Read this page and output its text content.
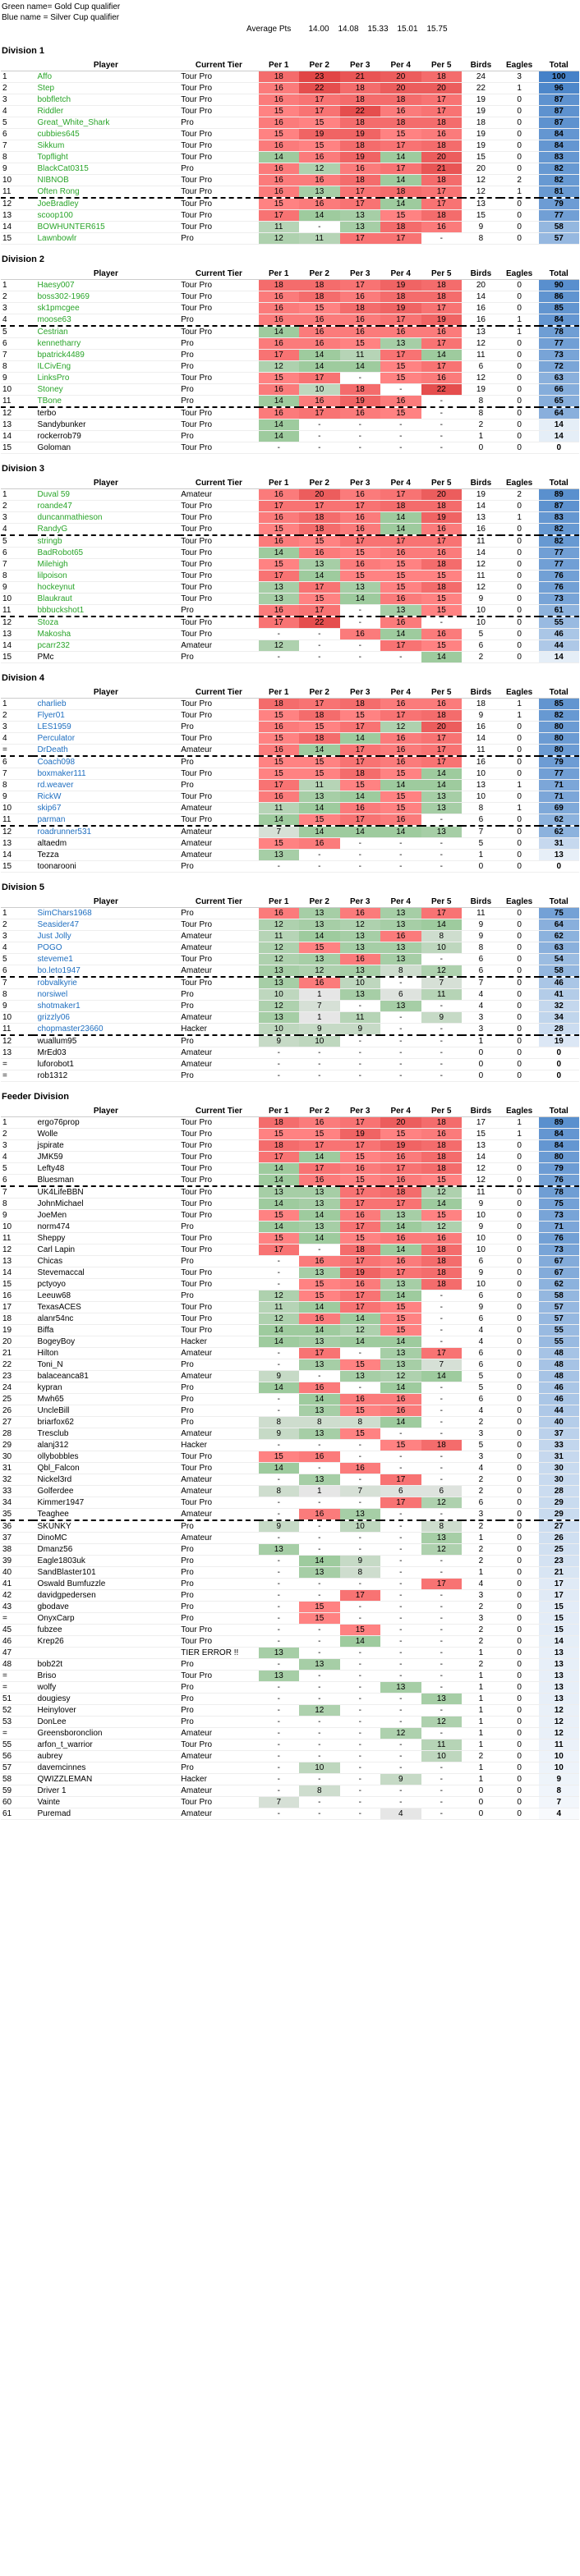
Green name= Gold Cup qualifier
Blue name = Silver Cup qualifier
Average Pts	14.00	14.08	15.33	15.01	15.75
Division 1
	Player	Current Tier	Per 1	Per 2	Per 3	Per 4	Per 5	Birds	Eagles	Total
1	Affo	Tour Pro	18	23	21	20	18	24	3	100
2	Step	Tour Pro	16	22	18	20	20	22	1	96
3	bobfletch	Tour Pro	16	17	18	18	17	19	0	87
4	Riddler	Tour Pro	15	17	22	16	17	19	0	87
5	Great_White_Shark	Pro	16	15	18	18	18	18	0	87
6	cubbies645	Tour Pro	15	19	19	15	16	19	0	84
7	Sikkum	Tour Pro	16	15	18	17	18	19	0	84
8	Topflight	Tour Pro	14	16	19	14	20	15	0	83
9	BlackCat0315	Pro	16	12	16	17	21	20	0	82
10	NIBNOB	Tour Pro	16	16	18	14	18	12	2	82
11	Often Rong	Tour Pro	16	13	17	18	17	12	1	81
12	JoeBradley	Tour Pro	15	16	17	14	17	13	0	79
13	scoop100	Tour Pro	17	14	13	15	18	15	0	77
14	BOWHUNTER615	Tour Pro	11	-	13	18	16	9	0	58
15	Lawnbowlr	Pro	12	11	17	17	-	8	0	57
Division 2
	Player	Current Tier	Per 1	Per 2	Per 3	Per 4	Per 5	Birds	Eagles	Total
1	Haesy007	Tour Pro	18	18	17	19	18	20	0	90
2	boss302-1969	Tour Pro	16	18	16	18	18	14	0	86
3	sk1pmcgee	Tour Pro	16	15	18	19	17	16	0	85
4	moose63	Pro	16	16	16	17	19	16	1	84
5	Cestrian	Tour Pro	14	16	16	16	16	13	1	78
6	kennetharry	Pro	16	16	15	13	17	12	0	77
7	bpatrick4489	Pro	17	14	11	17	14	11	0	73
8	ILCivEng	Pro	12	14	14	15	17	6	0	72
9	LinksPro	Tour Pro	15	17	-	15	16	12	0	63
10	Stoney	Pro	16	10	18	-	22	19	0	66
11	TBone	Pro	14	16	19	16	-	8	0	65
12	terbo	Tour Pro	16	17	16	15	-	8	0	64
13	Sandybunker	Tour Pro	14	-	-	-	-	2	0	14
14	rockerrob79	Pro	14	-	-	-	-	1	0	14
15	Goloman	Tour Pro	-	-	-	-	-	0	0	0
Division 3
	Player	Current Tier	Per 1	Per 2	Per 3	Per 4	Per 5	Birds	Eagles	Total
1	Duval 59	Amateur	16	20	16	17	20	19	2	89
2	roande47	Tour Pro	17	17	17	18	18	14	0	87
3	duncanmathieson	Tour Pro	16	18	16	14	19	13	1	83
4	RandyG	Tour Pro	15	18	16	14	16	16	0	82
5	stringb	Tour Pro	16	15	17	17	17	11	0	82
6	BadRobot65	Tour Pro	14	16	15	16	16	14	0	77
7	Milehigh	Tour Pro	15	13	16	15	18	12	0	77
8	lilpoison	Tour Pro	17	14	15	15	15	11	0	76
9	hockeynut	Tour Pro	13	17	13	15	18	12	0	76
10	Blaukraut	Tour Pro	13	15	14	16	15	9	0	73
11	bbbuckshot1	Pro	16	17	-	13	15	10	0	61
12	Stoza	Tour Pro	17	22	-	16	-	10	0	55
13	Makosha	Tour Pro	-	-	16	14	16	5	0	46
14	pcarr232	Amateur	12	-	-	17	15	6	0	44
15	PMc	Pro	-	-	-	-	14	2	0	14
Division 4
	Player	Current Tier	Per 1	Per 2	Per 3	Per 4	Per 5	Birds	Eagles	Total
1	charlieb	Tour Pro	18	17	18	16	16	18	1	85
2	Flyer01	Tour Pro	15	18	15	17	18	9	1	82
3	LES1959	Pro	16	15	17	12	20	16	0	80
4	Perculator	Tour Pro	15	18	14	16	17	14	0	80
=	DrDeath	Amateur	16	14	17	16	17	11	0	80
6	Coach098	Pro	15	15	17	16	17	16	0	79
7	boxmaker111	Tour Pro	15	15	18	15	14	10	0	77
8	rd.weaver	Pro	17	11	15	14	14	13	1	71
9	RickW	Tour Pro	16	13	14	15	13	10	0	71
10	skip67	Amateur	11	14	16	15	13	8	1	69
11	parman	Tour Pro	14	15	17	16	-	6	0	62
12	roadrunner531	Amateur	7	14	14	14	13	7	0	62
13	altaedm	Amateur	15	16	-	-	-	5	0	31
14	Tezza	Amateur	13	-	-	-	-	1	0	13
15	toonarooni	Pro	-	-	-	-	-	0	0	0
Division 5
	Player	Current Tier	Per 1	Per 2	Per 3	Per 4	Per 5	Birds	Eagles	Total
1	SimChars1968	Pro	16	13	16	13	17	11	0	75
2	Seasider47	Tour Pro	12	13	12	13	14	9	0	64
3	Just Jolly	Amateur	11	14	13	16	8	9	0	62
4	POGO	Amateur	12	15	13	13	10	8	0	63
5	steveme1	Tour Pro	12	13	16	13	-	6	0	54
6	bo.leto1947	Amateur	13	12	13	8	12	6	0	58
7	robvalkyrie	Tour Pro	13	16	10	-	7	7	0	46
8	norsiwel	Pro	10	1	13	6	11	4	0	41
9	shotmaker1	Pro	12	7	-	13	-	4	0	32
10	grizzly06	Amateur	13	1	11	-	9	3	0	34
11	chopmaster23660	Hacker	10	9	9	-	-	3	0	28
12	wuallum95	Pro	9	10	-	-	-	1	0	19
13	MrEd03	Amateur	-	-	-	-	-	0	0	0
=	luforobot1	Amateur	-	-	-	-	-	0	0	0
=	rob1312	Pro	-	-	-	-	-	0	0	0
Feeder Division
	Player	Current Tier	Per 1	Per 2	Per 3	Per 4	Per 5	Birds	Eagles	Total
1	ergo76prop	Tour Pro	18	16	17	20	18	17	1	89
2	Wolle	Tour Pro	15	15	19	15	16	15	1	84
3	jspirate	Tour Pro	18	17	17	19	18	13	0	84
4	JMK59	Tour Pro	17	14	15	16	18	14	0	80
5	Lefty48	Tour Pro	14	17	16	17	18	12	0	79
6	Bluesman	Tour Pro	14	16	15	16	15	12	0	76
7	UK4LifeBBN	Tour Pro	13	13	17	18	12	11	0	78
8	JohnMichael	Tour Pro	14	13	17	17	14	9	0	75
9	JoeMen	Tour Pro	15	14	16	13	15	10	0	73
10	norm474	Pro	14	13	17	14	12	9	0	71
11	Sheppy	Tour Pro	15	14	15	16	16	10	0	76
12	Carl Lapin	Tour Pro	17	-	18	14	18	10	0	73
13	Chicas	Pro	-	16	17	16	18	6	0	67
14	Stevemaccal	Tour Pro	-	13	19	17	18	9	0	67
15	pctyoyo	Tour Pro	-	15	16	13	18	10	0	62
16	Leeuw68	Pro	12	15	17	14	-	6	0	58
17	TexasACES	Tour Pro	11	14	17	15	-	9	0	57
18	alanr54nc	Tour Pro	12	16	14	15	-	6	0	57
19	Biffa	Tour Pro	14	14	12	15	-	4	0	55
20	BogeyBoy	Hacker	14	13	14	14	-	4	0	55
21	Hilton	Amateur	-	17	-	13	17	6	0	48
22	Toni_N	Pro	-	13	15	13	7	6	0	48
23	balaceanca81	Amateur	9	-	13	12	14	5	0	48
24	kypran	Pro	14	16	-	14	-	5	0	46
25	Mwh65	Pro	-	14	16	16	-	6	0	46
26	UncleBill	Pro	-	13	15	16	-	4	0	44
27	briarfox62	Pro	8	8	8	14	-	2	0	40
28	Tresclub	Amateur	9	13	15	-	-	3	0	37
29	alanj312	Hacker	-	-	-	15	18	5	0	33
30	ollybobbles	Tour Pro	15	16	-	-	-	3	0	31
31	Qbl_Falcon	Tour Pro	14	-	16	-	-	4	0	30
32	Nickel3rd	Amateur	-	13	-	17	-	2	0	30
33	Golferdee	Amateur	8	1	7	6	6	2	0	28
34	Kimmer1947	Tour Pro	-	-	-	17	12	6	0	29
35	Teaghee	Amateur	-	16	13	-	-	3	0	29
36	SKUNKY	Pro	9	-	10	-	8	2	0	27
37	DinoMC	Amateur	-	-	-	-	13	1	0	26
38	Dmanz56	Pro	13	-	-	-	12	2	0	25
39	Eagle1803uk	Pro	-	14	9	-	-	2	0	23
40	SandBlaster101	Pro	-	13	8	-	-	1	0	21
41	Oswald Bumfuzzle	Pro	-	-	-	-	17	4	0	17
42	davidgpedersen	Pro	-	-	17	-	-	3	0	17
43	gbodave	Pro	-	15	-	-	-	2	0	15
=	OnyxCarp	Pro	-	15	-	-	-	3	0	15
45	fubzee	Tour Pro	-	-	15	-	-	2	0	15
46	Krep26	Tour Pro	-	-	14	-	-	2	0	14
47		TIER ERROR !!	13	-	-	-	-	1	0	13
48	bob22t	Pro	-	13	-	-	-	2	0	13
=	Briso	Tour Pro	13	-	-	-	-	1	0	13
=	wolfy	Pro	-	-	-	13	-	1	0	13
51	dougiesy	Pro	-	-	-	-	13	1	0	13
52	Heinylover	Pro	-	12	-	-	-	1	0	12
53	DonLee	Pro	-	-	-	-	12	1	0	12
=	Greensboronclion	Amateur	-	-	-	12	-	1	0	12
55	arfon_t_warrior	Tour Pro	-	-	-	-	11	1	0	11
56	aubrey	Amateur	-	-	-	-	10	2	0	10
57	davemcinnes	Pro	-	10	-	-	-	1	0	10
58	QWIZZLEMAN	Hacker	-	-	-	9	-	1	0	9
59	Driver 1	Amateur	-	8	-	-	-	0	0	8
60	Vainte	Tour Pro	7	-	-	-	-	0	0	7
61	Puremad	Amateur	-	-	-	4	-	0	0	4
